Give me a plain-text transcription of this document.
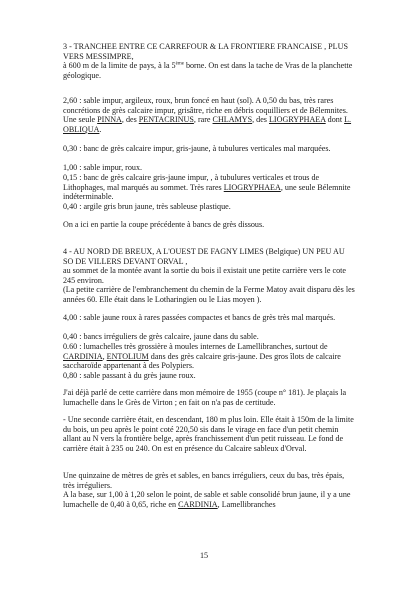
3 - TRANCHEE ENTRE CE CARREFOUR & LA FRONTIERE FRANCAISE , PLUS VERS MESSIMPRE,

à 600 m de la limite de pays, à la 5ème borne. On est dans la tache de Vras de la planchette géologique.

2,60 : sable impur, argileux, roux, brun foncé en haut (sol). A 0,50 du bas, très rares concrétions de grès calcaire impur, grisâtre, riche en débris coquilliers et de Bélemnites. Une seule PINNA, des PENTACRINUS, rare CHLAMYS, des LIOGRYPHAEA dont L. OBLIQUA.

0,30 : banc de grès calcaire impur, gris-jaune, à tubulures verticales mal marquées.

1,00 : sable impur, roux.

0,15 : banc de grès calcaire gris-jaune impur, , à tubulures verticales et trous de Lithophages, mal marqués au sommet. Très rares LIOGRYPHAEA, une seule Bélemnite indéterminable.

0,40 : argile gris brun jaune, très sableuse plastique.

On a ici en partie la coupe précédente à bancs de grès dissous.

4 - AU NORD DE BREUX, A L'OUEST DE FAGNY LIMES (Belgique) UN PEU AU SO DE VILLERS DEVANT ORVAL ,

au sommet de la montée avant la sortie du bois il existait une petite carrière vers le cote 245 environ.

(La petite carrière de l'embranchement du chemin de la Ferme Matoy avait disparu dès les années 60. Elle était dans le Lotharingien ou le Lias moyen ).

4,00 : sable jaune roux à rares passées compactes et bancs de grès très mal marqués.

0,40 : bancs irréguliers de grès calcaire, jaune dans du sable.

0.60 : lumachelles très grossière à moules internes de Lamellibranches, surtout de CARDINIA, ENTOLIUM dans des grès calcaire gris-jaune. Des gros îlots de calcaire saccharoïde appartenant à des Polypiers.

0,80 : sable passant à du grès jaune roux.

J'ai déjà parlé de cette carrière dans mon mémoire de 1955 (coupe n° 181). Je plaçais la lumachelle dans le Grès de Virton ; en fait on n'a pas de certitude.

- Une seconde carrière était, en descendant, 180 m plus loin. Elle était à 150m de la limite du bois, un peu après le point coté 220,50 sis dans le virage en face d'un petit chemin allant au N vers la frontière belge, après franchissement d'un petit ruisseau. Le fond de carrière était à 235 ou 240. On est en présence du Calcaire sableux d'Orval.

Une quinzaine de mètres de grès et sables, en bancs irréguliers, ceux du bas, très épais, très irréguliers.

A la base, sur 1,00 à 1,20 selon le point, de sable et sable consolidé brun jaune, il y a une lumachelle de 0,40 à 0,65, riche en CARDINIA, Lamellibranches

15
